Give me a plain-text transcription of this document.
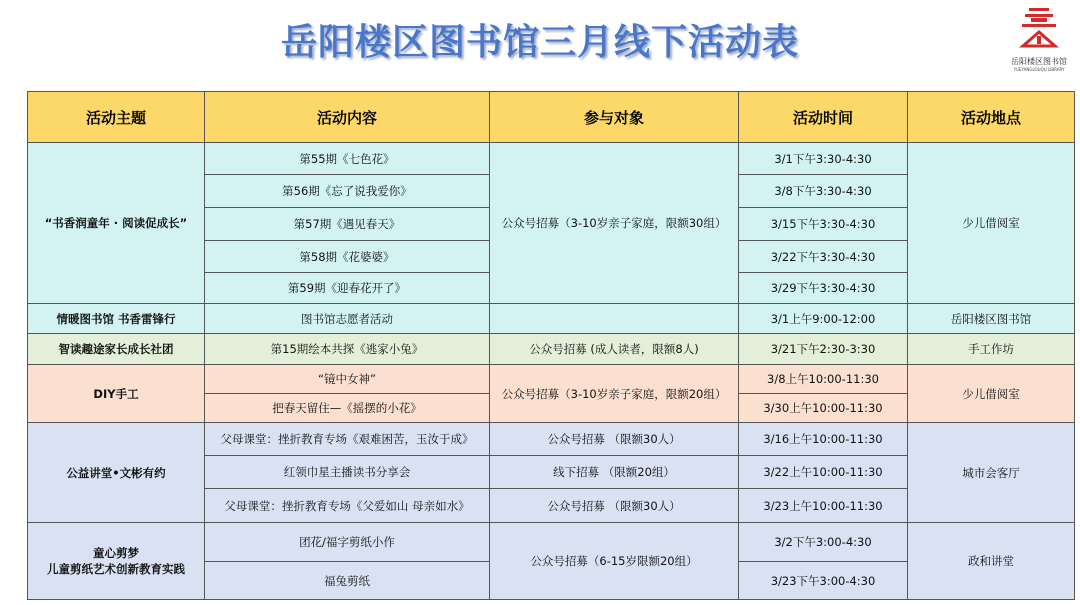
岳阳楼区图书馆三月线下活动表	岳阳楼区图书馆
YUEYANGLOUQU LIBRARY
活动主题	活动内容	参与对象	活动时间	活动地点
“书香润童年 · 阅读促成长”	第55期《七色花》	公众号招募（3-10岁亲子家庭，限额30组）	3/1下午3:30-4:30	少儿借阅室
	第56期《忘了说我爱你》		3/8下午3:30-4:30	
	第57期《遇见春天》		3/15下午3:30-4:30	
	第58期《花婆婆》		3/22下午3:30-4:30	
	第59期《迎春花开了》		3/29下午3:30-4:30	
情暖图书馆 书香雷锋行	图书馆志愿者活动		3/1上午9:00-12:00	岳阳楼区图书馆
智读趣途家长成长社团	第15期绘本共探《逃家小兔》	公众号招募 (成人读者，限额8人)	3/21下午2:30-3:30	手工作坊
DIY手工	“镜中女神”	公众号招募（3-10岁亲子家庭，限额20组）	3/8上午10:00-11:30	少儿借阅室
	把春天留住—《摇摆的小花》		3/30上午10:00-11:30	
公益讲堂•文彬有约	父母课堂：挫折教育专场《艰难困苦，玉汝于成》	公众号招募 （限额30人）	3/16上午10:00-11:30	城市会客厅
	红领巾星主播读书分享会	线下招募 （限额20组）	3/22上午10:00-11:30	
	父母课堂：挫折教育专场《父爱如山 母亲如水》	公众号招募 （限额30人）	3/23上午10:00-11:30	

童心剪梦
儿童剪纸艺术创新教育实践	团花/福字剪纸小作	公众号招募（6-15岁限额20组）	3/2下午3:00-4:30	政和讲堂
	福兔剪纸		3/23下午3:00-4:30	
